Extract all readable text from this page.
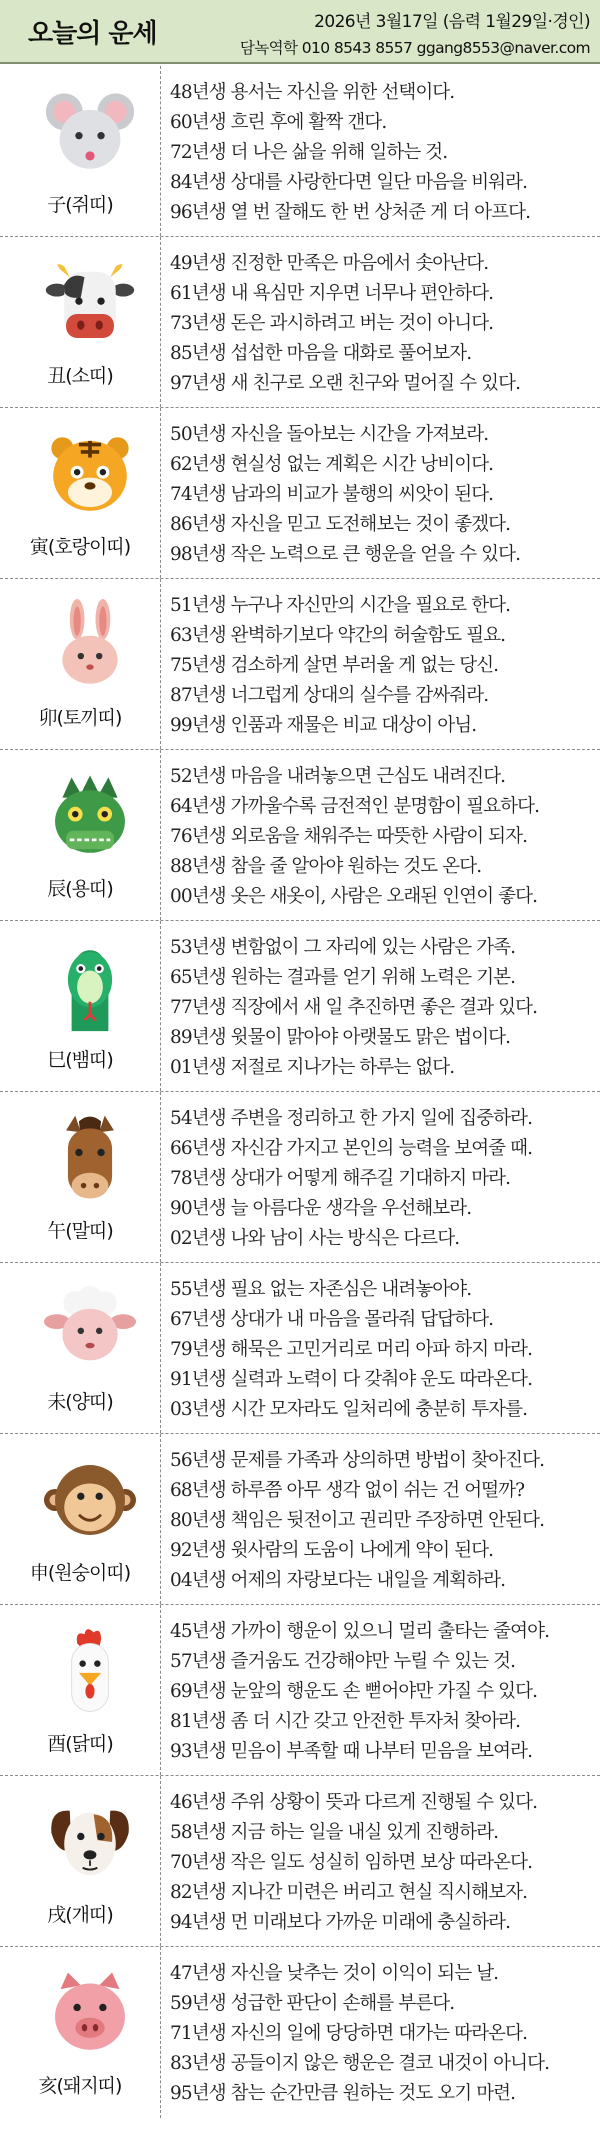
오늘의 운세	2026년 3월17일 (음력 1월29일·경인)
담녹역학 010 8543 8557 ggang8553@naver.com
子(쥐띠)
48년생 용서는 자신을 위한 선택이다.
60년생 흐린 후에 활짝 갠다.
72년생 더 나은 삶을 위해 일하는 것.
84년생 상대를 사랑한다면 일단 마음을 비워라.
96년생 열 번 잘해도 한 번 상처준 게 더 아프다.
丑(소띠)
49년생 진정한 만족은 마음에서 솟아난다.
61년생 내 욕심만 지우면 너무나 편안하다.
73년생 돈은 과시하려고 버는 것이 아니다.
85년생 섭섭한 마음을 대화로 풀어보자.
97년생 새 친구로 오랜 친구와 멀어질 수 있다.
寅(호랑이띠)
50년생 자신을 돌아보는 시간을 가져보라.
62년생 현실성 없는 계획은 시간 낭비이다.
74년생 남과의 비교가 불행의 씨앗이 된다.
86년생 자신을 믿고 도전해보는 것이 좋겠다.
98년생 작은 노력으로 큰 행운을 얻을 수 있다.
卯(토끼띠)
51년생 누구나 자신만의 시간을 필요로 한다.
63년생 완벽하기보다 약간의 허술함도 필요.
75년생 검소하게 살면 부러울 게 없는 당신.
87년생 너그럽게 상대의 실수를 감싸줘라.
99년생 인품과 재물은 비교 대상이 아님.
辰(용띠)
52년생 마음을 내려놓으면 근심도 내려진다.
64년생 가까울수록 금전적인 분명함이 필요하다.
76년생 외로움을 채워주는 따뜻한 사람이 되자.
88년생 참을 줄 알아야 원하는 것도 온다.
00년생 옷은 새옷이, 사람은 오래된 인연이 좋다.
巳(뱀띠)
53년생 변함없이 그 자리에 있는 사람은 가족.
65년생 원하는 결과를 얻기 위해 노력은 기본.
77년생 직장에서 새 일 추진하면 좋은 결과 있다.
89년생 윗물이 맑아야 아랫물도 맑은 법이다.
01년생 저절로 지나가는 하루는 없다.
午(말띠)
54년생 주변을 정리하고 한 가지 일에 집중하라.
66년생 자신감 가지고 본인의 능력을 보여줄 때.
78년생 상대가 어떻게 해주길 기대하지 마라.
90년생 늘 아름다운 생각을 우선해보라.
02년생 나와 남이 사는 방식은 다르다.
未(양띠)
55년생 필요 없는 자존심은 내려놓아야.
67년생 상대가 내 마음을 몰라줘 답답하다.
79년생 해묵은 고민거리로 머리 아파 하지 마라.
91년생 실력과 노력이 다 갖춰야 운도 따라온다.
03년생 시간 모자라도 일처리에 충분히 투자를.
申(원숭이띠)
56년생 문제를 가족과 상의하면 방법이 찾아진다.
68년생 하루쯤 아무 생각 없이 쉬는 건 어떨까?
80년생 책임은 뒷전이고 권리만 주장하면 안된다.
92년생 윗사람의 도움이 나에게 약이 된다.
04년생 어제의 자랑보다는 내일을 계획하라.
酉(닭띠)
45년생 가까이 행운이 있으니 멀리 출타는 줄여야.
57년생 즐거움도 건강해야만 누릴 수 있는 것.
69년생 눈앞의 행운도 손 뻗어야만 가질 수 있다.
81년생 좀 더 시간 갖고 안전한 투자처 찾아라.
93년생 믿음이 부족할 때 나부터 믿음을 보여라.
戌(개띠)
46년생 주위 상황이 뜻과 다르게 진행될 수 있다.
58년생 지금 하는 일을 내실 있게 진행하라.
70년생 작은 일도 성실히 임하면 보상 따라온다.
82년생 지나간 미련은 버리고 현실 직시해보자.
94년생 먼 미래보다 가까운 미래에 충실하라.
亥(돼지띠)
47년생 자신을 낮추는 것이 이익이 되는 날.
59년생 성급한 판단이 손해를 부른다.
71년생 자신의 일에 당당하면 대가는 따라온다.
83년생 공들이지 않은 행운은 결코 내것이 아니다.
95년생 참는 순간만큼 원하는 것도 오기 마련.
